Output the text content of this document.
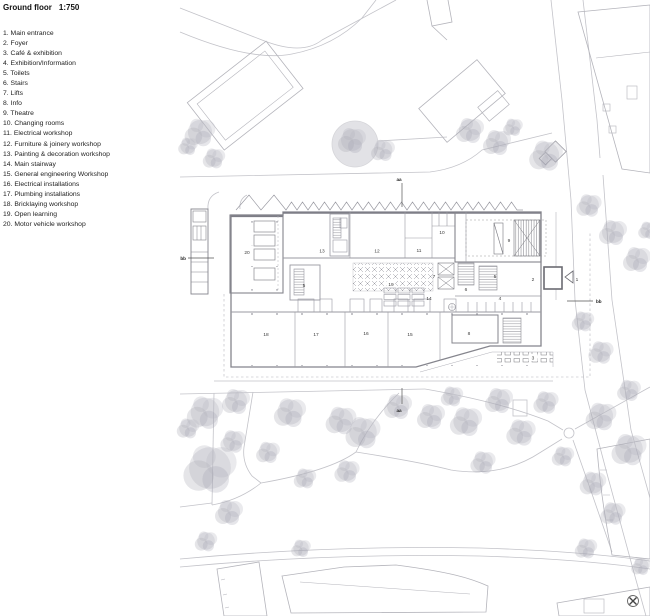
1
2
3
4
5
5
6
7
8
9
10
11
12
13
14
15
16
17
18
19
20
aa
aa
bb
bb
Ground floor 1:750
1. Main entrance
2. Foyer
3. Café & exhibition
4. Exhibition/Information
5. Toilets
6. Stairs
7. Lifts
8. Info
9. Theatre
10. Changing rooms
11. Electrical workshop
12. Furniture & joinery workshop
13. Painting & decoration workshop
14. Main stairway
15. General engineering Workshop
16. Electrical installations
17. Plumbing installations
18. Bricklaying workshop
19. Open learning
20. Motor vehicle workshop
